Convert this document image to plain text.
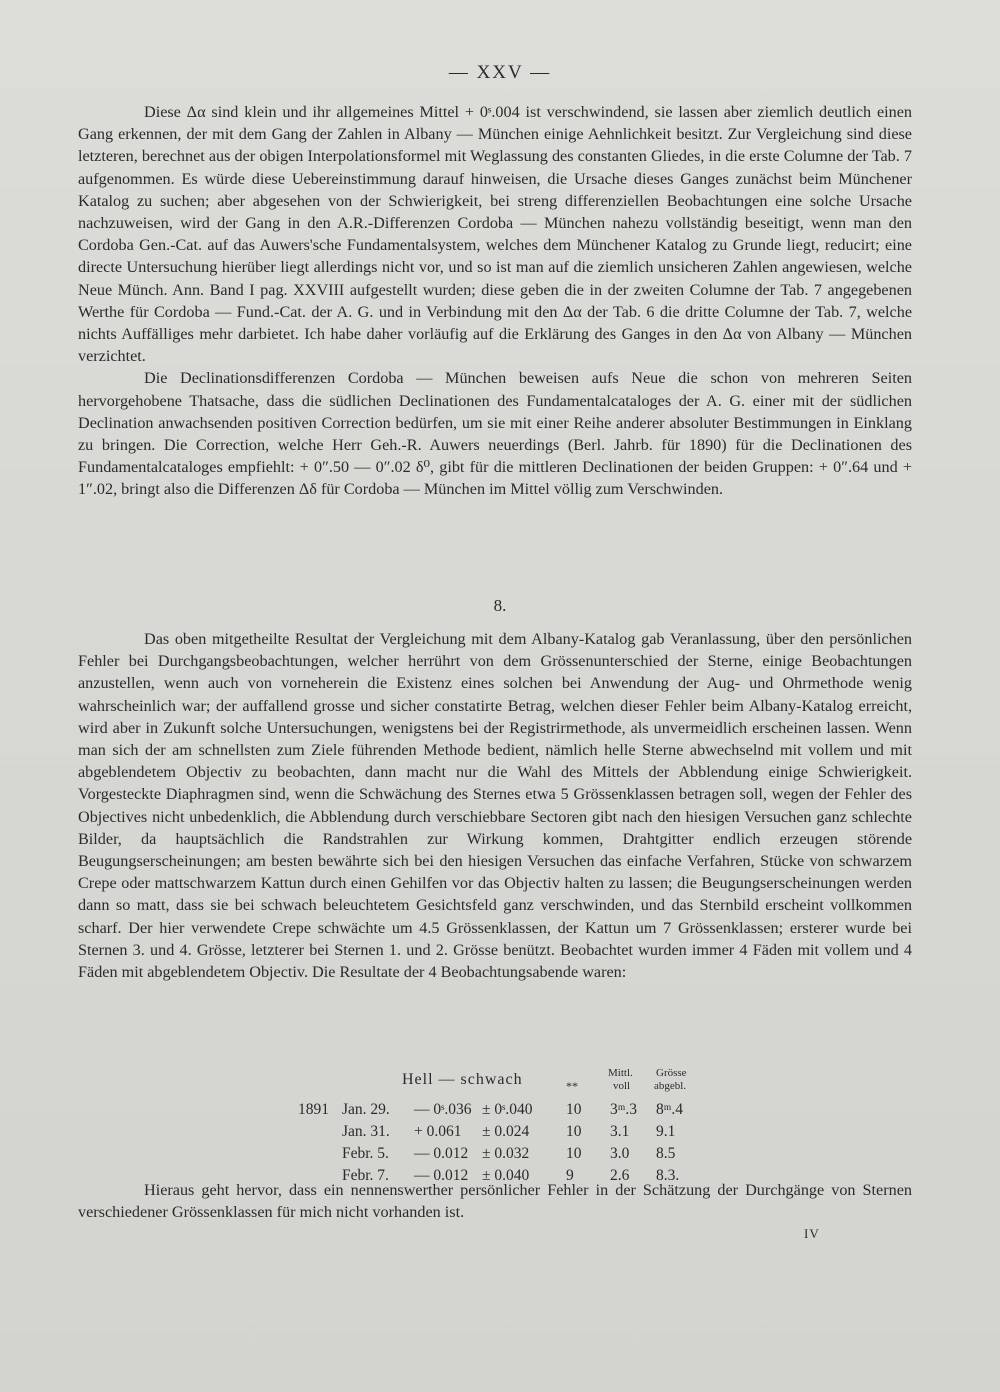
— XXV —

Diese Δα sind klein und ihr allgemeines Mittel + 0ˢ.004 ist verschwindend, sie lassen aber ziemlich deutlich einen Gang erkennen, der mit dem Gang der Zahlen in Albany — München einige Aehnlichkeit besitzt. Zur Vergleichung sind diese letzteren, berechnet aus der obigen Interpolationsformel mit Weglassung des constanten Gliedes, in die erste Columne der Tab. 7 aufgenommen. Es würde diese Uebereinstimmung darauf hinweisen, die Ursache dieses Ganges zunächst beim Münchener Katalog zu suchen; aber abgesehen von der Schwierigkeit, bei streng differenziellen Beobachtungen eine solche Ursache nachzuweisen, wird der Gang in den A.R.-Differenzen Cordoba — München nahezu vollständig beseitigt, wenn man den Cordoba Gen.-Cat. auf das Auwers'sche Fundamentalsystem, welches dem Münchener Katalog zu Grunde liegt, reducirt; eine directe Untersuchung hierüber liegt allerdings nicht vor, und so ist man auf die ziemlich unsicheren Zahlen angewiesen, welche Neue Münch. Ann. Band I pag. XXVIII aufgestellt wurden; diese geben die in der zweiten Columne der Tab. 7 angegebenen Werthe für Cordoba — Fund.-Cat. der A. G. und in Verbindung mit den Δα der Tab. 6 die dritte Columne der Tab. 7, welche nichts Auffälliges mehr darbietet. Ich habe daher vorläufig auf die Erklärung des Ganges in den Δα von Albany — München verzichtet.

Die Declinationsdifferenzen Cordoba — München beweisen aufs Neue die schon von mehreren Seiten hervorgehobene Thatsache, dass die südlichen Declinationen des Fundamentalcataloges der A. G. einer mit der südlichen Declination anwachsenden positiven Correction bedürfen, um sie mit einer Reihe anderer absoluter Bestimmungen in Einklang zu bringen. Die Correction, welche Herr Geh.-R. Auwers neuerdings (Berl. Jahrb. für 1890) für die Declinationen des Fundamentalcataloges empfiehlt: + 0″.50 — 0″.02 δ⁰, gibt für die mittleren Declinationen der beiden Gruppen: + 0″.64 und + 1″.02, bringt also die Differenzen Δδ für Cordoba — München im Mittel völlig zum Verschwinden.

8.

Das oben mitgetheilte Resultat der Vergleichung mit dem Albany-Katalog gab Veranlassung, über den persönlichen Fehler bei Durchgangsbeobachtungen, welcher herrührt von dem Grössenunterschied der Sterne, einige Beobachtungen anzustellen, wenn auch von vorneherein die Existenz eines solchen bei Anwendung der Aug- und Ohrmethode wenig wahrscheinlich war; der auffallend grosse und sicher constatirte Betrag, welchen dieser Fehler beim Albany-Katalog erreicht, wird aber in Zukunft solche Untersuchungen, wenigstens bei der Registrirmethode, als unvermeidlich erscheinen lassen. Wenn man sich der am schnellsten zum Ziele führenden Methode bedient, nämlich helle Sterne abwechselnd mit vollem und mit abgeblendetem Objectiv zu beobachten, dann macht nur die Wahl des Mittels der Abblendung einige Schwierigkeit. Vorgesteckte Diaphragmen sind, wenn die Schwächung des Sternes etwa 5 Grössenklassen betragen soll, wegen der Fehler des Objectives nicht unbedenklich, die Abblendung durch verschiebbare Sectoren gibt nach den hiesigen Versuchen ganz schlechte Bilder, da hauptsächlich die Randstrahlen zur Wirkung kommen, Drahtgitter endlich erzeugen störende Beugungserscheinungen; am besten bewährte sich bei den hiesigen Versuchen das einfache Verfahren, Stücke von schwarzem Crepe oder mattschwarzem Kattun durch einen Gehilfen vor das Objectiv halten zu lassen; die Beugungserscheinungen werden dann so matt, dass sie bei schwach beleuchtetem Gesichtsfeld ganz verschwinden, und das Sternbild erscheint vollkommen scharf. Der hier verwendete Crepe schwächte um 4.5 Grössenklassen, der Kattun um 7 Grössenklassen; ersterer wurde bei Sternen 3. und 4. Grösse, letzterer bei Sternen 1. und 2. Grösse benützt. Beobachtet wurden immer 4 Fäden mit vollem und 4 Fäden mit abgeblendetem Objectiv. Die Resultate der 4 Beobachtungsabende waren:

Hell — schwach	**
Mittl. Grösse
voll abgebl.
1891 Jan. 29. — 0ˢ.036 ± 0ˢ.040 10 3ᵐ.3 8ᵐ.4
Jan. 31. + 0.061 ± 0.024 10 3.1 9.1
Febr. 5. — 0.012 ± 0.032 10 3.0 8.5
Febr. 7. — 0.012 ± 0.040 9 2.6 8.3.

Hieraus geht hervor, dass ein nennenswerther persönlicher Fehler in der Schätzung der Durchgänge von Sternen verschiedener Grössenklassen für mich nicht vorhanden ist.

IV
